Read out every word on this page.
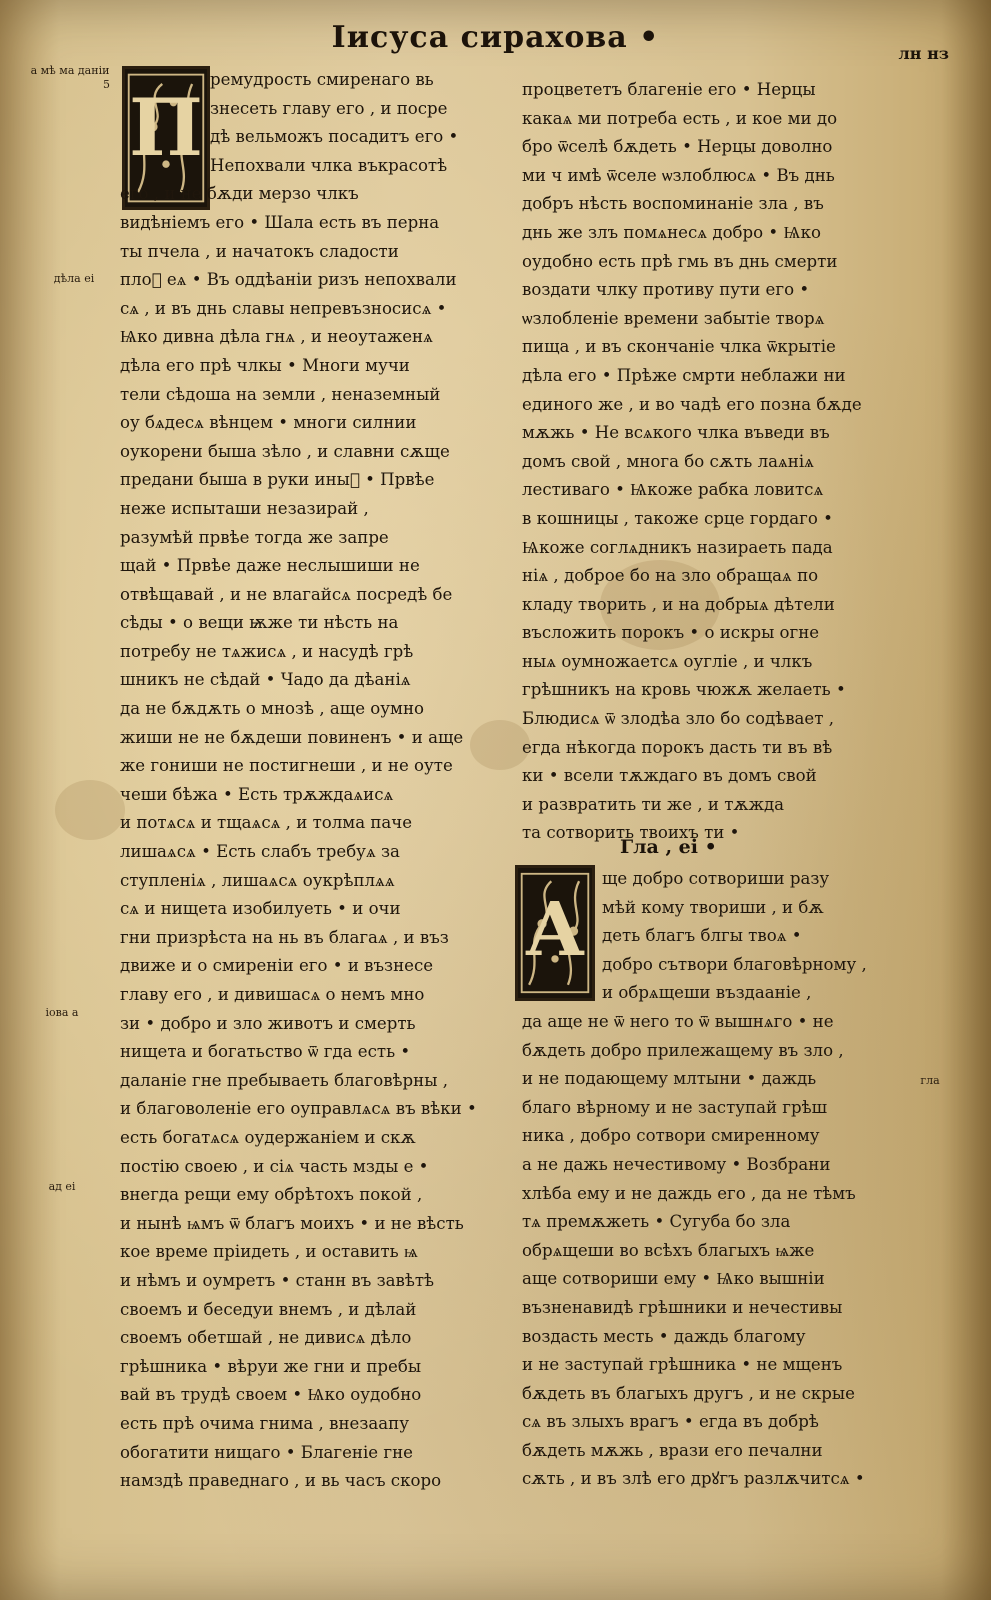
Іисуса сирахова •	лн нз
а мѣ ма даніи
5
дѣла еі
іова а
ад еі
гла
П
А
ремудрость смиренаго вь
знесеть главу его , и посре
дѣ вельможъ посадитъ его •
Непохвали члка въкрасотѣ
его , и не бѫди мерзо члкъ
видѣніемъ его • Шала есть въ перна
ты пчела , и начатокъ сладости
плоⷣ еѧ • Въ оддѣаніи ризъ непохвали
сѧ , и въ днь славы непревъзносисѧ •
Ѩко дивна дѣла гнѧ , и неоутаженѧ
дѣла его прѣ члкы • Многи мучи
тели сѣдоша на земли , неназемный
оу бѧдесѧ вѣнцем • многи силнии
оукорени быша зѣло , и славни сѫще
предани быша в руки иныⷯ • Првѣе
неже испыташи незазирай ,
разумѣй првѣе тогда же запре
щай • Првѣе даже неслышиши не
отвѣщавай , и не влагайсѧ посредѣ бе
сѣды • о вещи ѭже ти нѣсть на
потребу не тѧжисѧ , и насудѣ грѣ
шникъ не сѣдай • Чадо да дѣаніѧ
да не бѫдѫть о мнозѣ , аще оумно
жиши не не бѫдеши повиненъ • и аще
же гониши не постигнеши , и не оуте
чеши бѣжа • Есть трѫждаѧисѧ
и потѧсѧ и тщаѧсѧ , и толма паче
лишаѧсѧ • Есть слабъ требуѧ за
ступленіѧ , лишаѧсѧ оукрѣплѧѧ
сѧ и нищета изобилуеть • и очи
гни призрѣста на нь въ благаѧ , и въз
движе и о смиреніи его • и възнесе
главу его , и дивишасѧ о немъ мно
зи • добро и зло животъ и смерть
нищета и богатьство ѿ гда есть •
даланіе гне пребываеть благовѣрны ,
и благоволеніе его оуправлѧсѧ въ вѣки •
есть богатѧсѧ оудержаніем и скѫ
постію своею , и сіѧ часть мзды е •
внегда рещи ему обрѣтохъ покой ,
и нынѣ ѩмъ ѿ благъ моихъ • и не вѣсть
кое време пріидеть , и оставить ѩ
и нѣмъ и оумретъ • станн въ завѣтѣ
своемъ и беседуи внемъ , и дѣлай
своемъ обетшай , не дивисѧ дѣло
грѣшника • вѣруи же гни и пребы
вай въ трудѣ своем • Ѩко оудобно
есть прѣ очима гнима , внезаапу
обогатити нищаго • Благеніе гне
намздѣ праведнаго , и вь часъ скоро
процвететъ благеніе его • Нерцы
какаѧ ми потреба есть , и кое ми до
бро ѿселѣ бѫдеть • Нерцы доволно
ми ч имѣ ѿселе ѡзлоблюсѧ • Въ днь
добръ нѣсть воспоминаніе зла , въ
днь же злъ помѧнесѧ добро • Ѩко
оудобно есть прѣ гмь въ днь смерти
воздати члку противу пути его •
ѡзлобленіе времени забытіе творѧ
пища , и въ скончаніе члка ѿкрытіе
дѣла его • Прѣже смрти неблажи ни
единого же , и во чадѣ его позна бѫде
мѫжь • Не всѧкого члка въведи въ
домъ свой , многа бо сѫть лаѧніѧ
лестиваго • Ѩкоже рабка ловитсѧ
в кошницы , такоже срце гордаго •
Ѩкоже соглѧдникъ назираеть пада
ніѧ , доброе бо на зло обращаѧ по
кладу творить , и на добрыѧ дѣтели
въсложить порокъ • о искры огне
ныѧ оумножаетсѧ оугліе , и члкъ
грѣшникъ на кровь чюжѫ желаеть •
Блюдисѧ ѿ злодѣа зло бо содѣвает ,
егда нѣкогда порокъ дасть ти въ вѣ
ки • всели тѫждаго въ домъ свой
и развратить ти же , и тѫжда
та сотворить твоихъ ти •
Гла , еі •
ще добро сотвориши разу
мѣй кому твориши , и бѫ
деть благъ блгы твоѧ •
добро сътвори благовѣрному ,
и обрѧщеши въздааніе ,
да аще не ѿ него то ѿ вышнѧго • не
бѫдеть добро прилежащему въ зло ,
и не подающему млтыни • даждь
благо вѣрному и не заступай грѣш
ника , добро сотвори смиренному
а не дажь нечестивому • Возбрани
хлѣба ему и не даждь его , да не тѣмъ
тѧ премѫжеть • Сугуба бо зла
обрѧщеши во всѣхъ благыхъ ѩже
аще сотвориши ему • Ѩко вышніи
възненавидѣ грѣшники и нечестивы
воздасть месть • даждь благому
и не заступай грѣшника • не мщенъ
бѫдеть въ благыхъ другъ , и не скрые
сѧ въ злыхъ врагъ • егда въ добрѣ
бѫдеть мѫжь , врази его печални
сѫть , и въ злѣ его дрꙋгъ разлѫчитсѧ •
